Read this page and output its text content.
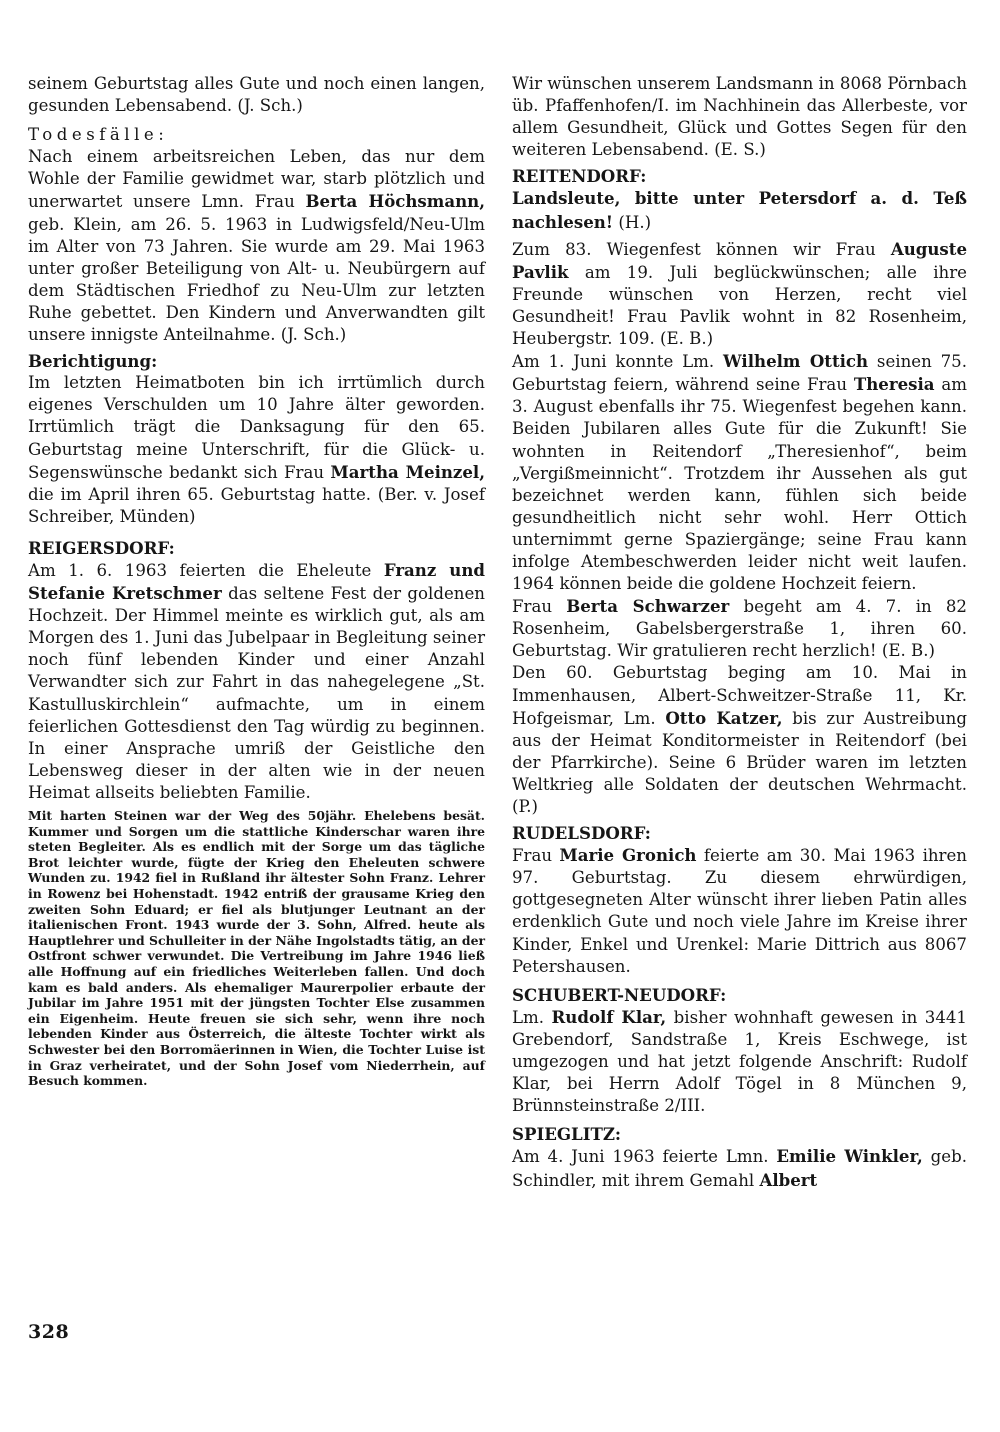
seinem Geburtstag alles Gute und noch einen langen, gesunden Lebensabend. (J. Sch.)

Todesfälle:

Nach einem arbeitsreichen Leben, das nur dem Wohle der Familie gewidmet war, starb plötzlich und unerwartet unsere Lmn. Frau Berta Höchsmann, geb. Klein, am 26. 5. 1963 in Ludwigsfeld/Neu-Ulm im Alter von 73 Jahren. Sie wurde am 29. Mai 1963 unter großer Beteiligung von Alt- u. Neubürgern auf dem Städtischen Friedhof zu Neu-Ulm zur letzten Ruhe gebettet. Den Kindern und Anverwandten gilt unsere innigste Anteilnahme. (J. Sch.)

Berichtigung:

Im letzten Heimatboten bin ich irrtümlich durch eigenes Verschulden um 10 Jahre älter geworden. Irrtümlich trägt die Danksagung für den 65. Geburtstag meine Unterschrift, für die Glück- u. Segenswünsche bedankt sich Frau Martha Meinzel, die im April ihren 65. Geburtstag hatte. (Ber. v. Josef Schreiber, Münden)

REIGERSDORF:

Am 1. 6. 1963 feierten die Eheleute Franz und Stefanie Kretschmer das seltene Fest der goldenen Hochzeit. Der Himmel meinte es wirklich gut, als am Morgen des 1. Juni das Jubelpaar in Begleitung seiner noch fünf lebenden Kinder und einer Anzahl Verwandter sich zur Fahrt in das nahegelegene „St. Kastulluskirchlein“ aufmachte, um in einem feierlichen Gottesdienst den Tag würdig zu beginnen. In einer Ansprache umriß der Geistliche den Lebensweg dieser in der alten wie in der neuen Heimat allseits beliebten Familie.

Mit harten Steinen war der Weg des 50jähr. Ehelebens besät. Kummer und Sorgen um die stattliche Kinderschar waren ihre steten Begleiter. Als es endlich mit der Sorge um das tägliche Brot leichter wurde, fügte der Krieg den Eheleuten schwere Wunden zu. 1942 fiel in Rußland ihr ältester Sohn Franz. Lehrer in Rowenz bei Hohenstadt. 1942 entriß der grausame Krieg den zweiten Sohn Eduard; er fiel als blutjunger Leutnant an der italienischen Front. 1943 wurde der 3. Sohn, Alfred. heute als Hauptlehrer und Schulleiter in der Nähe Ingolstadts tätig, an der Ostfront schwer verwundet. Die Vertreibung im Jahre 1946 ließ alle Hoffnung auf ein friedliches Weiterleben fallen. Und doch kam es bald anders. Als ehemaliger Maurerpolier erbaute der Jubilar im Jahre 1951 mit der jüngsten Tochter Else zusammen ein Eigenheim. Heute freuen sie sich sehr, wenn ihre noch lebenden Kinder aus Österreich, die älteste Tochter wirkt als Schwester bei den Borromäerinnen in Wien, die Tochter Luise ist in Graz verheiratet, und der Sohn Josef vom Niederrhein, auf Besuch kommen.

Wir wünschen unserem Landsmann in 8068 Pörnbach üb. Pfaffenhofen/I. im Nachhinein das Allerbeste, vor allem Gesundheit, Glück und Gottes Segen für den weiteren Lebensabend. (E. S.)

REITENDORF:

Landsleute, bitte unter Petersdorf a. d. Teß nachlesen! (H.)

Zum 83. Wiegenfest können wir Frau Auguste Pavlik am 19. Juli beglückwünschen; alle ihre Freunde wünschen von Herzen, recht viel Gesundheit! Frau Pavlik wohnt in 82 Rosenheim, Heubergstr. 109. (E. B.)

Am 1. Juni konnte Lm. Wilhelm Ottich seinen 75. Geburtstag feiern, während seine Frau Theresia am 3. August ebenfalls ihr 75. Wiegenfest begehen kann. Beiden Jubilaren alles Gute für die Zukunft! Sie wohnten in Reitendorf „Theresienhof“, beim „Vergißmeinnicht“. Trotzdem ihr Aussehen als gut bezeichnet werden kann, fühlen sich beide gesundheitlich nicht sehr wohl. Herr Ottich unternimmt gerne Spaziergänge; seine Frau kann infolge Atembeschwerden leider nicht weit laufen. 1964 können beide die goldene Hochzeit feiern.

Frau Berta Schwarzer begeht am 4. 7. in 82 Rosenheim, Gabelsbergerstraße 1, ihren 60. Geburtstag. Wir gratulieren recht herzlich! (E. B.)

Den 60. Geburtstag beging am 10. Mai in Immenhausen, Albert-Schweitzer-Straße 11, Kr. Hofgeismar, Lm. Otto Katzer, bis zur Austreibung aus der Heimat Konditormeister in Reitendorf (bei der Pfarrkirche). Seine 6 Brüder waren im letzten Weltkrieg alle Soldaten der deutschen Wehrmacht. (P.)

RUDELSDORF:

Frau Marie Gronich feierte am 30. Mai 1963 ihren 97. Geburtstag. Zu diesem ehrwürdigen, gottgesegneten Alter wünscht ihrer lieben Patin alles erdenklich Gute und noch viele Jahre im Kreise ihrer Kinder, Enkel und Urenkel: Marie Dittrich aus 8067 Petershausen.

SCHUBERT-NEUDORF:

Lm. Rudolf Klar, bisher wohnhaft gewesen in 3441 Grebendorf, Sandstraße 1, Kreis Eschwege, ist umgezogen und hat jetzt folgende Anschrift: Rudolf Klar, bei Herrn Adolf Tögel in 8 München 9, Brünnsteinstraße 2/III.

SPIEGLITZ:

Am 4. Juni 1963 feierte Lmn. Emilie Winkler, geb. Schindler, mit ihrem Gemahl Albert

328
